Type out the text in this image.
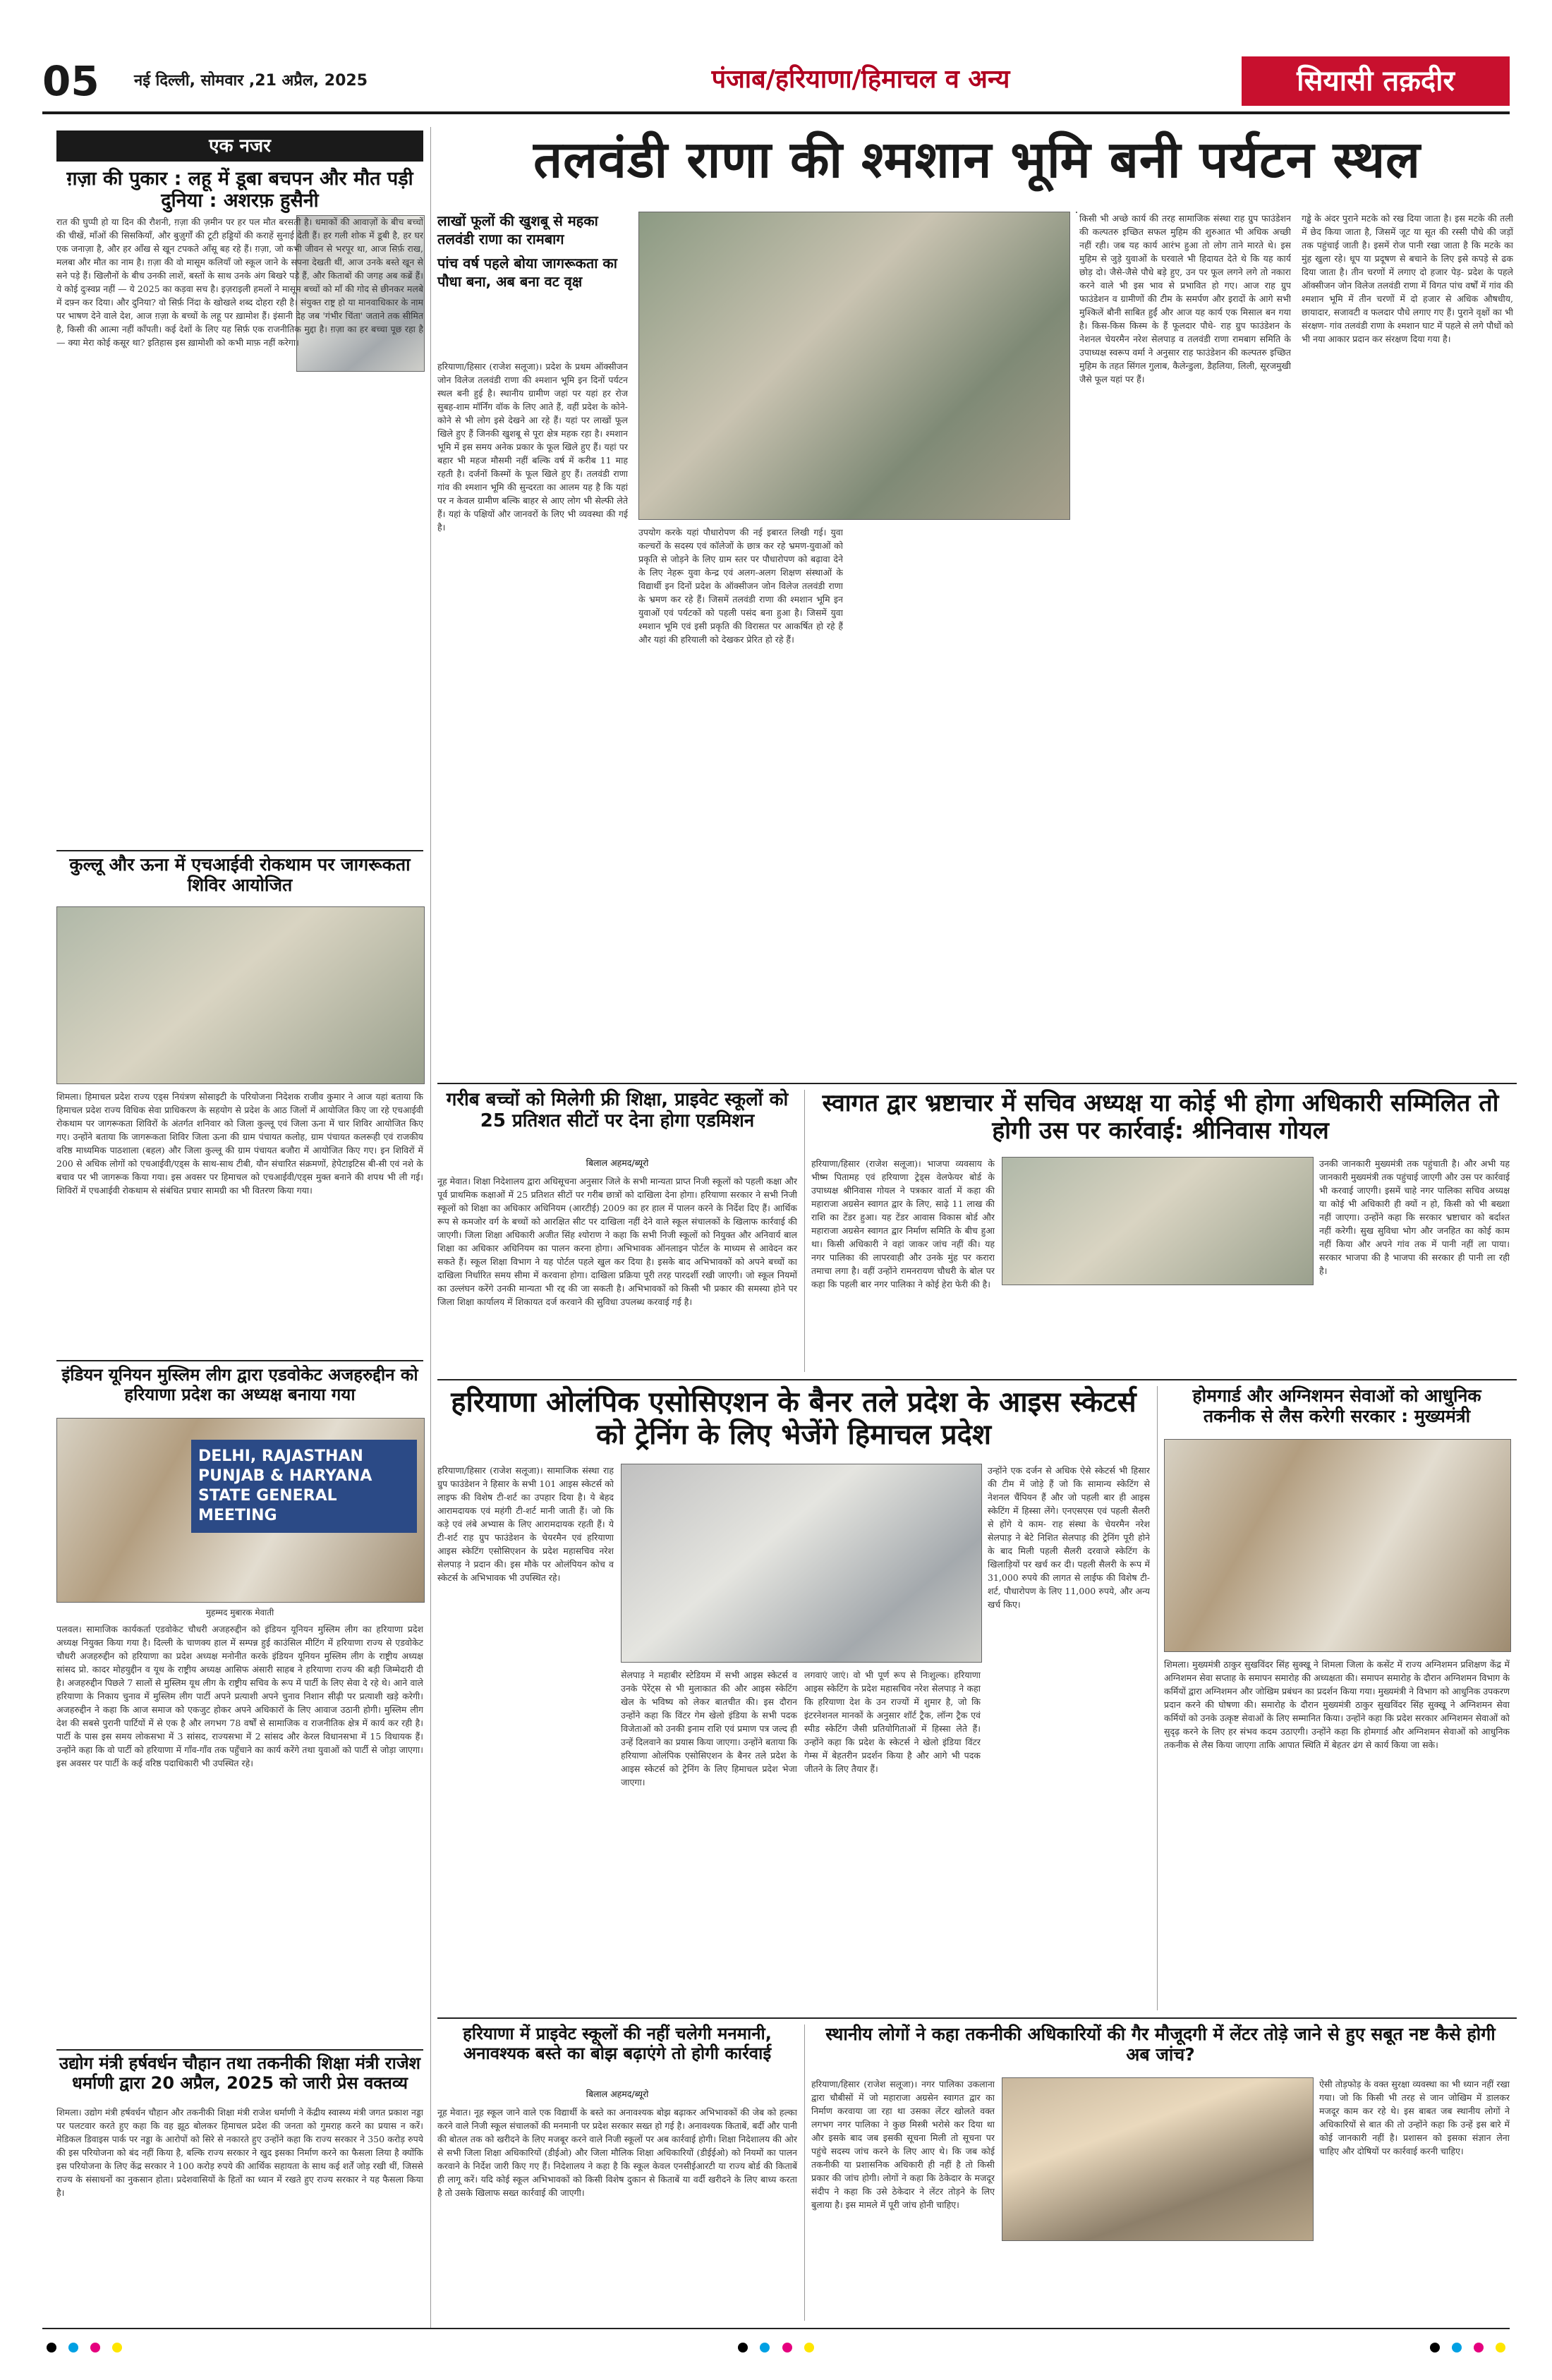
05	नई दिल्ली, सोमवार ,21 अप्रैल, 2025	पंजाब/हरियाणा/हिमाचल व अन्य	सियासी तक़दीर
एक नजर
ग़ज़ा की पुकार : लहू में डूबा बचपन और मौत पड़ी दुनिया : अशरफ़ हुसैनी
रात की घुप्पी हो या दिन की रौशनी, ग़ज़ा की ज़मीन पर हर पल मौत बरसती है। धमाकों की आवाज़ों के बीच बच्चों की चीखें, माँओं की सिसकियाँ, और बुज़ुर्गों की टूटी हड्डियों की कराहें सुनाई देती हैं। हर गली शोक में डूबी है, हर घर एक जनाज़ा है, और हर आँख से खून टपकते आँसू बह रहे हैं। ग़ज़ा, जो कभी जीवन से भरपूर था, आज सिर्फ़ राख, मलबा और मौत का नाम है। ग़ज़ा की वो मासूम कलियाँ जो स्कूल जाने के सपना देखती थीं, आज उनके बस्ते खून से सने पड़े हैं। खिलौनों के बीच उनकी लाशें, बस्तों के साथ उनके अंग बिखरे पड़े हैं, और किताबों की जगह अब कब्रें हैं। ये कोई दुःस्वप्न नहीं — ये 2025 का कड़वा सच है। इज़राइली हमलों ने मासूम बच्चों को माँ की गोद से छीनकर मलबे में दफ़्न कर दिया। और दुनिया? वो सिर्फ़ निंदा के खोखले शब्द दोहरा रही है। संयुक्त राष्ट्र हो या मानवाधिकार के नाम पर भाषण देने वाले देश, आज ग़ज़ा के बच्चों के लहू पर ख़ामोश हैं। इंसानी देह जब 'गंभीर चिंता' जताने तक सीमित है, किसी की आत्मा नहीं काँपती। कई देशों के लिए यह सिर्फ़ एक राजनीतिक मुद्दा है। ग़ज़ा का हर बच्चा पूछ रहा है — क्या मेरा कोई कसूर था? इतिहास इस ख़ामोशी को कभी माफ़ नहीं करेगा।
कुल्लू और ऊना में एचआईवी रोकथाम पर जागरूकता शिविर आयोजित
शिमला। हिमाचल प्रदेश राज्य एड्स नियंत्रण सोसाइटी के परियोजना निदेशक राजीव कुमार ने आज यहां बताया कि हिमाचल प्रदेश राज्य विधिक सेवा प्राधिकरण के सहयोग से प्रदेश के आठ जिलों में आयोजित किए जा रहे एचआईवी रोकथाम पर जागरूकता शिविरों के अंतर्गत शनिवार को जिला कुल्लू एवं जिला ऊना में चार शिविर आयोजित किए गए। उन्होंने बताया कि जागरूकता शिविर जिला ऊना की ग्राम पंचायत कलोह, ग्राम पंचायत कलरूही एवं राजकीय वरिष्ठ माध्यमिक पाठशाला (बहल) और जिला कुल्लू की ग्राम पंचायत बजौरा में आयोजित किए गए। इन शिविरों में 200 से अधिक लोगों को एचआईवी/एड्स के साथ-साथ टीबी, यौन संचारित संक्रमणों, हेपेटाइटिस बी-सी एवं नशे के बचाव पर भी जागरूक किया गया। इस अवसर पर हिमाचल को एचआईवी/एड्स मुक्त बनाने की शपथ भी ली गई। शिविरों में एचआईवी रोकथाम से संबंधित प्रचार सामग्री का भी वितरण किया गया।
इंडियन यूनियन मुस्लिम लीग द्वारा एडवोकेट अजहरुद्दीन को हरियाणा प्रदेश का अध्यक्ष बनाया गया
DELHI, RAJASTHAN PUNJAB & HARYANA STATE GENERAL MEETING
मुहम्मद मुबारक मेवाती
पलवल। सामाजिक कार्यकर्ता एडवोकेट चौधरी अजहरुद्दीन को इंडियन यूनियन मुस्लिम लीग का हरियाणा प्रदेश अध्यक्ष नियुक्त किया गया है। दिल्ली के चाणक्य हाल में सम्पन्न हुई काउंसिल मीटिंग में हरियाणा राज्य से एडवोकेट चौधरी अजहरुद्दीन को हरियाणा का प्रदेश अध्यक्ष मनोनीत करके इंडियन यूनियन मुस्लिम लीग के राष्ट्रीय अध्यक्ष सांसद प्रो. कादर मोहयुद्दीन व यूथ के राष्ट्रीय अध्यक्ष आसिफ अंसारी साहब ने हरियाणा राज्य की बड़ी जिम्मेदारी दी है। अजहरुद्दीन पिछले 7 सालों से मुस्लिम यूथ लीग के राष्ट्रीय सचिव के रूप में पार्टी के लिए सेवा दे रहे थे। आने वाले हरियाणा के निकाय चुनाव में मुस्लिम लीग पार्टी अपने प्रत्याशी अपने चुनाव निशान सीढ़ी पर प्रत्याशी खड़े करेगी। अजहरुद्दीन ने कहा कि आज समाज को एकजुट होकर अपने अधिकारों के लिए आवाज उठानी होगी। मुस्लिम लीग देश की सबसे पुरानी पार्टियों में से एक है और लगभग 78 वर्षों से सामाजिक व राजनीतिक क्षेत्र में कार्य कर रही है। पार्टी के पास इस समय लोकसभा में 3 सांसद, राज्यसभा में 2 सांसद और केरल विधानसभा में 15 विधायक हैं। उन्होंने कहा कि वो पार्टी को हरियाणा में गाँव-गाँव तक पहुँचाने का कार्य करेंगे तथा युवाओं को पार्टी से जोड़ा जाएगा। इस अवसर पर पार्टी के कई वरिष्ठ पदाधिकारी भी उपस्थित रहे।
उद्योग मंत्री हर्षवर्धन चौहान तथा तकनीकी शिक्षा मंत्री राजेश धर्माणी द्वारा 20 अप्रैल, 2025 को जारी प्रेस वक्तव्य
शिमला। उद्योग मंत्री हर्षवर्धन चौहान और तकनीकी शिक्षा मंत्री राजेश धर्माणी ने केंद्रीय स्वास्थ्य मंत्री जगत प्रकाश नड्डा पर पलटवार करते हुए कहा कि वह झूठ बोलकर हिमाचल प्रदेश की जनता को गुमराह करने का प्रयास न करें। मेडिकल डिवाइस पार्क पर नड्डा के आरोपों को सिरे से नकारते हुए उन्होंने कहा कि राज्य सरकार ने 350 करोड़ रुपये की इस परियोजना को बंद नहीं किया है, बल्कि राज्य सरकार ने खुद इसका निर्माण करने का फैसला लिया है क्योंकि इस परियोजना के लिए केंद्र सरकार ने 100 करोड़ रुपये की आर्थिक सहायता के साथ कई शर्तें जोड़ रखी थीं, जिससे राज्य के संसाधनों का नुकसान होता। प्रदेशवासियों के हितों का ध्यान में रखते हुए राज्य सरकार ने यह फैसला किया है।
तलवंडी राणा की श्मशान भूमि बनी पर्यटन स्थल
लाखों फूलों की खुशबू से महका तलवंडी राणा का रामबाग
पांच वर्ष पहले बोया जागरूकता का पौधा बना, अब बना वट वृक्ष
हरियाणा/हिसार (राजेश सलूजा)। प्रदेश के प्रथम ऑक्सीजन जोन विलेज तलवंडी राणा की श्मशान भूमि इन दिनों पर्यटन स्थल बनी हुई है। स्थानीय ग्रामीण जहां पर यहां हर रोज सुबह-शाम मॉर्निंग वॉक के लिए आते हैं, वहीं प्रदेश के कोने-कोने से भी लोग इसे देखने आ रहे हैं। यहां पर लाखों फूल खिले हुए हैं जिनकी खुशबू से पूरा क्षेत्र महक रहा है। श्मशान भूमि में इस समय अनेक प्रकार के फूल खिले हुए हैं। यहां पर बहार भी महज मौसमी नहीं बल्कि वर्ष में करीब 11 माह रहती है। दर्जनों किस्मों के फूल खिले हुए हैं। तलवंडी राणा गांव की श्मशान भूमि की सुन्दरता का आलम यह है कि यहां पर न केवल ग्रामीण बल्कि बाहर से आए लोग भी सेल्फी लेते हैं। यहां के पक्षियों और जानवरों के लिए भी व्यवस्था की गई है।	उपयोग करके यहां पौधारोपण की नई इबारत लिखी गई। युवा कल्चरों के सदस्य एवं कॉलेजों के छात्र कर रहे भ्रमण-युवाओं को प्रकृति से जोड़ने के लिए ग्राम स्तर पर पौधारोपण को बढ़ावा देने के लिए नेहरू युवा केन्द्र एवं अलग-अलग शिक्षण संस्थाओं के विद्यार्थी इन दिनों प्रदेश के ऑक्सीजन जोन विलेज तलवंडी राणा के भ्रमण कर रहे हैं। जिसमें तलवंडी राणा की श्मशान भूमि इन युवाओं एवं पर्यटकों को पहली पसंद बना हुआ है। जिसमें युवा श्मशान भूमि एवं इसी प्रकृति की विरासत पर आकर्षित हो रहे हैं और यहां की हरियाली को देखकर प्रेरित हो रहे हैं।
किसी भी अच्छे कार्य की तरह सामाजिक संस्था राह ग्रुप फाउंडेशन की कल्पतरु इच्छित सफल मुहिम की शुरुआत भी अधिक अच्छी नहीं रही। जब यह कार्य आरंभ हुआ तो लोग ताने मारते थे। इस मुहिम से जुड़े युवाओं के घरवाले भी हिदायत देते थे कि यह कार्य छोड़ दो। जैसे-जैसे पौधे बड़े हुए, उन पर फूल लगने लगे तो नकारा करने वाले भी इस भाव से प्रभावित हो गए। आज राह ग्रुप फाउंडेशन व ग्रामीणों की टीम के समर्पण और इरादों के आगे सभी मुश्किलें बौनी साबित हुईं और आज यह कार्य एक मिसाल बन गया है। किस-किस किस्म के हैं फूलदार पौधे- राह ग्रुप फाउंडेशन के नेशनल चेयरमैन नरेश सेलपाड़ व तलवंडी राणा रामबाग समिति के उपाध्यक्ष स्वरूप वर्मा ने अनुसार राह फाउंडेशन की कल्पतरु इच्छित मुहिम के तहत सिंगल गुलाब, कैलेन्डुला, डैहलिया, लिली, सूरजमुखी जैसे फूल यहां पर हैं।
गड्ढे के अंदर पुराने मटके को रख दिया जाता है। इस मटके की तली में छेद किया जाता है, जिसमें जूट या सूत की रस्सी पौधे की जड़ों तक पहुंचाई जाती है। इसमें रोज पानी रखा जाता है कि मटके का मुंह खुला रहे। धूप या प्रदूषण से बचाने के लिए इसे कपड़े से ढक दिया जाता है। तीन चरणों में लगाए दो हजार पेड़- प्रदेश के पहले ऑक्सीजन जोन विलेज तलवंडी राणा में विगत पांच वर्षों में गांव की श्मशान भूमि में तीन चरणों में दो हजार से अधिक औषधीय, छायादार, सजावटी व फलदार पौधे लगाए गए हैं। पुराने वृक्षों का भी संरक्षण- गांव तलवंडी राणा के श्मशान घाट में पहले से लगे पौधों को भी नया आकार प्रदान कर संरक्षण दिया गया है।
गरीब बच्चों को मिलेगी फ्री शिक्षा, प्राइवेट स्कूलों को 25 प्रतिशत सीटों पर देना होगा एडमिशन
बिलाल अहमद/ब्यूरो
नूह मेवात। शिक्षा निदेशालय द्वारा अधिसूचना अनुसार जिले के सभी मान्यता प्राप्त निजी स्कूलों को पहली कक्षा और पूर्व प्राथमिक कक्षाओं में 25 प्रतिशत सीटों पर गरीब छात्रों को दाखिला देना होगा। हरियाणा सरकार ने सभी निजी स्कूलों को शिक्षा का अधिकार अधिनियम (आरटीई) 2009 का हर हाल में पालन करने के निर्देश दिए हैं। आर्थिक रूप से कमजोर वर्ग के बच्चों को आरक्षित सीट पर दाखिला नहीं देने वाले स्कूल संचालकों के खिलाफ कार्रवाई की जाएगी। जिला शिक्षा अधिकारी अजीत सिंह श्योराण ने कहा कि सभी निजी स्कूलों को नियुक्त और अनिवार्य बाल शिक्षा का अधिकार अधिनियम का पालन करना होगा। अभिभावक ऑनलाइन पोर्टल के माध्यम से आवेदन कर सकते हैं। स्कूल शिक्षा विभाग ने यह पोर्टल पहले खुल कर दिया है। इसके बाद अभिभावकों को अपने बच्चों का दाखिला निर्धारित समय सीमा में करवाना होगा। दाखिला प्रक्रिया पूरी तरह पारदर्शी रखी जाएगी। जो स्कूल नियमों का उल्लंघन करेंगे उनकी मान्यता भी रद्द की जा सकती है। अभिभावकों को किसी भी प्रकार की समस्या होने पर जिला शिक्षा कार्यालय में शिकायत दर्ज करवाने की सुविधा उपलब्ध करवाई गई है।
स्वागत द्वार भ्रष्टाचार में सचिव अध्यक्ष या कोई भी होगा अधिकारी सम्मिलित तो होगी उस पर कार्रवाई: श्रीनिवास गोयल
हरियाणा/हिसार (राजेश सलूजा)। भाजपा व्यवसाय के भीष्म पितामह एवं हरियाणा ट्रेड्स वेलफेयर बोर्ड के उपाध्यक्ष श्रीनिवास गोयल ने पत्रकार वार्ता में कहा की महाराजा अग्रसेन स्वागत द्वार के लिए, साढ़े 11 लाख की राशि का टेंडर हुआ। यह टेंडर आवास विकास बोर्ड और महाराजा अग्रसेन स्वागत द्वार निर्माण समिति के बीच हुआ था। किसी अधिकारी ने वहां जाकर जांच नहीं की। यह नगर पालिका की लापरवाही और उनके मुंह पर करारा तमाचा लगा है। वहीं उन्होंने रामनरायण चौधरी के बोल पर कहा कि पहली बार नगर पालिका ने कोई हेरा फेरी की है।
उनकी जानकारी मुख्यमंत्री तक पहुंचाती है। और अभी यह जानकारी मुख्यमंत्री तक पहुंचाई जाएगी और उस पर कार्रवाई भी करवाई जाएगी। इसमें चाहे नगर पालिका सचिव अध्यक्ष या कोई भी अधिकारी ही क्यों न हो, किसी को भी बख्शा नहीं जाएगा। उन्होंने कहा कि सरकार भ्रष्टाचार को बर्दाश्त नहीं करेगी। सुख सुविधा भोग और जनहित का कोई काम नहीं किया और अपने गांव तक में पानी नहीं ला पाया। सरकार भाजपा की है भाजपा की सरकार ही पानी ला रही है।
हरियाणा ओलंपिक एसोसिएशन के बैनर तले प्रदेश के आइस स्केटर्स को ट्रेनिंग के लिए भेजेंगे हिमाचल प्रदेश
हरियाणा/हिसार (राजेश सलूजा)। सामाजिक संस्था राह ग्रुप फाउंडेशन ने हिसार के सभी 101 आइस स्केटर्स को लाइफ की विशेष टी-शर्ट का उपहार दिया है। ये बेहद आरामदायक एवं महंगी टी-शर्ट मानी जाती हैं। जो कि कड़े एवं लंबे अभ्यास के लिए आरामदायक रहती हैं। ये टी-शर्ट राह ग्रुप फाउंडेशन के चेयरमैन एवं हरियाणा आइस स्केटिंग एसोसिएशन के प्रदेश महासचिव नरेश सेलपाड़ ने प्रदान की। इस मौके पर ओलंपियन कोच व स्केटर्स के अभिभावक भी उपस्थित रहे।
सेलपाड़ ने महाबीर स्टेडियम में सभी आइस स्केटर्स व उनके पेरेंट्स से भी मुलाकात की और आइस स्केटिंग खेल के भविष्य को लेकर बातचीत की। इस दौरान उन्होंने कहा कि विंटर गेम खेलो इंडिया के सभी पदक विजेताओं को उनकी इनाम राशि एवं प्रमाण पत्र जल्द ही उन्हें दिलवाने का प्रयास किया जाएगा। उन्होंने बताया कि हरियाणा ओलंपिक एसोसिएशन के बैनर तले प्रदेश के आइस स्केटर्स को ट्रेनिंग के लिए हिमाचल प्रदेश भेजा जाएगा।
लगवाएं जाएं। वो भी पूर्ण रूप से निःशुल्क। हरियाणा आइस स्केटिंग के प्रदेश महासचिव नरेश सेलपाड़ ने कहा कि हरियाणा देश के उन राज्यों में शुमार है, जो कि इंटरनेशनल मानकों के अनुसार शॉर्ट ट्रैक, लॉन्ग ट्रैक एवं स्पीड स्केटिंग जैसी प्रतियोगिताओं में हिस्सा लेते हैं। उन्होंने कहा कि प्रदेश के स्केटर्स ने खेलो इंडिया विंटर गेम्स में बेहतरीन प्रदर्शन किया है और आगे भी पदक जीतने के लिए तैयार हैं।
उन्होंने एक दर्जन से अधिक ऐसे स्केटर्स भी हिसार की टीम में जोड़े हैं जो कि सामान्य स्केटिंग से नेशनल चैंपियन हैं और जो पहली बार ही आइस स्केटिंग में हिस्सा लेंगे। एनएसएस एवं पहली सैलरी से होंगे ये काम- राह संस्था के चेयरमैन नरेश सेलपाड़ ने बेटे निशित सेलपाड़ की ट्रेनिंग पूरी होने के बाद मिली पहली सैलरी दरवाजे स्केटिंग के खिलाड़ियों पर खर्च कर दी। पहली सैलरी के रूप में 31,000 रुपये की लागत से लाईफ की विशेष टी-शर्ट, पौधारोपण के लिए 11,000 रुपये, और अन्य खर्च किए।
होमगार्ड और अग्निशमन सेवाओं को आधुनिक तकनीक से लैस करेगी सरकार : मुख्यमंत्री
शिमला। मुख्यमंत्री ठाकुर सुखविंदर सिंह सुक्खू ने शिमला जिला के कसेंट में राज्य अग्निशमन प्रशिक्षण केंद्र में अग्निशमन सेवा सप्ताह के समापन समारोह की अध्यक्षता की। समापन समारोह के दौरान अग्निशमन विभाग के कर्मियों द्वारा अग्निशमन और जोखिम प्रबंधन का प्रदर्शन किया गया। मुख्यमंत्री ने विभाग को आधुनिक उपकरण प्रदान करने की घोषणा की। समारोह के दौरान मुख्यमंत्री ठाकुर सुखविंदर सिंह सुक्खू ने अग्निशमन सेवा कर्मियों को उनके उत्कृष्ट सेवाओं के लिए सम्मानित किया। उन्होंने कहा कि प्रदेश सरकार अग्निशमन सेवाओं को सुदृढ़ करने के लिए हर संभव कदम उठाएगी। उन्होंने कहा कि होमगार्ड और अग्निशमन सेवाओं को आधुनिक तकनीक से लैस किया जाएगा ताकि आपात स्थिति में बेहतर ढंग से कार्य किया जा सके।
हरियाणा में प्राइवेट स्कूलों की नहीं चलेगी मनमानी, अनावश्यक बस्ते का बोझ बढ़ाएंगे तो होगी कार्रवाई
बिलाल अहमद/ब्यूरो
नूह मेवात। नूह स्कूल जाने वाले एक विद्यार्थी के बस्ते का अनावश्यक बोझ बढ़ाकर अभिभावकों की जेब को हल्का करने वाले निजी स्कूल संचालकों की मनमानी पर प्रदेश सरकार सख्त हो गई है। अनावश्यक किताबें, बर्दी और पानी की बोतल तक को खरीदने के लिए मजबूर करने वाले निजी स्कूलों पर अब कार्रवाई होगी। शिक्षा निदेशालय की ओर से सभी जिला शिक्षा अधिकारियों (डीईओ) और जिला मौलिक शिक्षा अधिकारियों (डीईईओ) को नियमों का पालन करवाने के निर्देश जारी किए गए हैं। निदेशालय ने कहा है कि स्कूल केवल एनसीईआरटी या राज्य बोर्ड की किताबें ही लागू करें। यदि कोई स्कूल अभिभावकों को किसी विशेष दुकान से किताबें या वर्दी खरीदने के लिए बाध्य करता है तो उसके खिलाफ सख्त कार्रवाई की जाएगी।
स्थानीय लोगों ने कहा तकनीकी अधिकारियों की गैर मौजूदगी में लेंटर तोड़े जाने से हुए सबूत नष्ट कैसे होगी अब जांच?
हरियाणा/हिसार (राजेश सलूजा)। नगर पालिका उकलाना द्वारा चौबीसों में जो महाराजा अग्रसेन स्वागत द्वार का निर्माण करवाया जा रहा था उसका लेंटर खोलते वक्त लगभग नगर पालिका ने कुछ मिस्त्री भरोसे कर दिया था और इसके बाद जब इसकी सूचना मिली तो सूचना पर पहुंचे सदस्य जांच करने के लिए आए थे। कि जब कोई तकनीकी या प्रशासनिक अधिकारी ही नहीं है तो किसी प्रकार की जांच होगी। लोगों ने कहा कि ठेकेदार के मजदूर संदीप ने कहा कि उसे ठेकेदार ने लेंटर तोड़ने के लिए बुलाया है। इस मामले में पूरी जांच होनी चाहिए।
ऐसी तोड़फोड़ के वक्त सुरक्षा व्यवस्था का भी ध्यान नहीं रखा गया। जो कि किसी भी तरह से जान जोखिम में डालकर मजदूर काम कर रहे थे। इस बाबत जब स्थानीय लोगों ने अधिकारियों से बात की तो उन्होंने कहा कि उन्हें इस बारे में कोई जानकारी नहीं है। प्रशासन को इसका संज्ञान लेना चाहिए और दोषियों पर कार्रवाई करनी चाहिए।
